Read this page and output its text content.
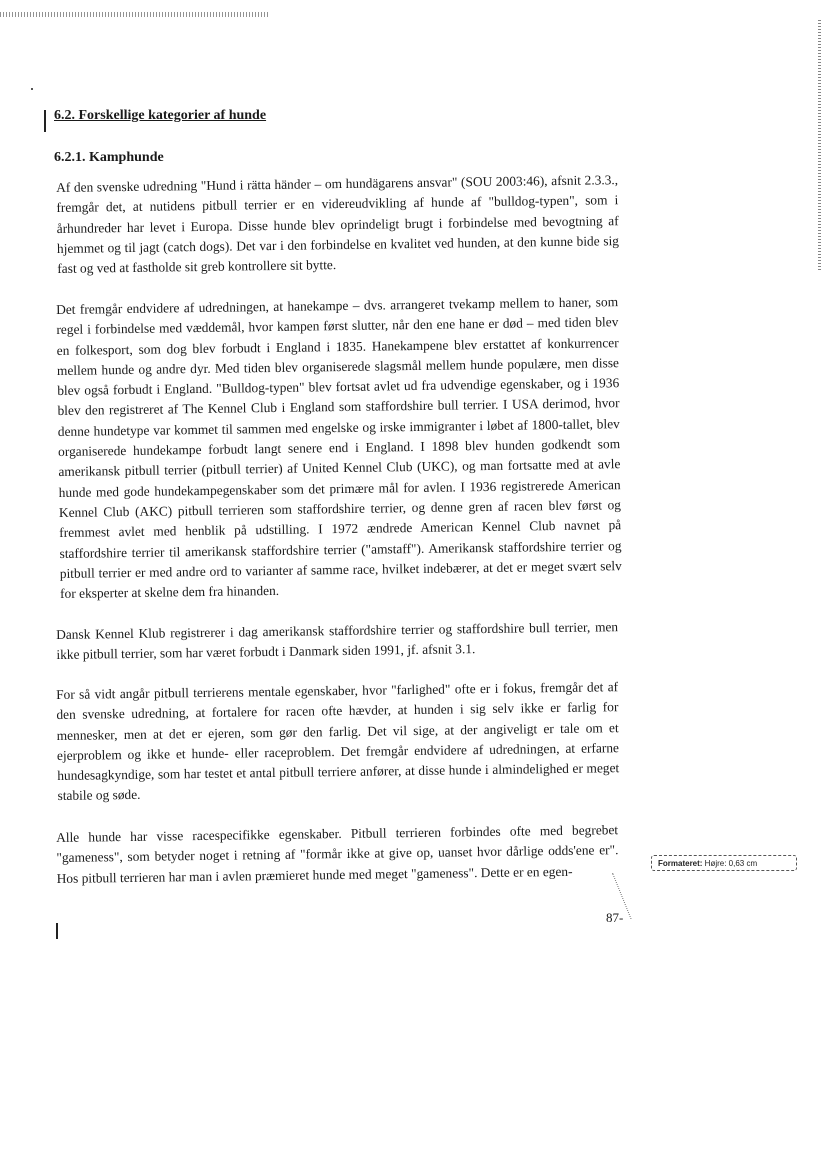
6.2. Forskellige kategorier af hunde
6.2.1. Kamphunde

Af den svenske udredning "Hund i rätta händer – om hundägarens ansvar" (SOU 2003:46), afsnit 2.3.3., fremgår det, at nutidens pitbull terrier er en videreudvikling af hunde af "bulldog-typen", som i århundreder har levet i Europa. Disse hunde blev oprindeligt brugt i forbindelse med bevogtning af hjemmet og til jagt (catch dogs). Det var i den forbindelse en kvalitet ved hunden, at den kunne bide sig fast og ved at fastholde sit greb kontrollere sit bytte.

Det fremgår endvidere af udredningen, at hanekampe – dvs. arrangeret tvekamp mellem to haner, som regel i forbindelse med væddemål, hvor kampen først slutter, når den ene hane er død – med tiden blev en folkesport, som dog blev forbudt i England i 1835. Hanekampene blev erstattet af konkurrencer mellem hunde og andre dyr. Med tiden blev organiserede slagsmål mellem hunde populære, men disse blev også forbudt i England. "Bulldog-typen" blev fortsat avlet ud fra udvendige egenskaber, og i 1936 blev den registreret af The Kennel Club i England som staffordshire bull terrier. I USA derimod, hvor denne hundetype var kommet til sammen med engelske og irske immigranter i løbet af 1800-tallet, blev organiserede hundekampe forbudt langt senere end i England. I 1898 blev hunden godkendt som amerikansk pitbull terrier (pitbull terrier) af United Kennel Club (UKC), og man fortsatte med at avle hunde med gode hundekampegenskaber som det primære mål for avlen. I 1936 registrerede American Kennel Club (AKC) pitbull terrieren som staffordshire terrier, og denne gren af racen blev først og fremmest avlet med henblik på udstilling. I 1972 ændrede American Kennel Club navnet på staffordshire terrier til amerikansk staffordshire terrier ("amstaff"). Amerikansk staffordshire terrier og pitbull terrier er med andre ord to varianter af samme race, hvilket indebærer, at det er meget svært selv for eksperter at skelne dem fra hinanden.

Dansk Kennel Klub registrerer i dag amerikansk staffordshire terrier og staffordshire bull terrier, men ikke pitbull terrier, som har været forbudt i Danmark siden 1991, jf. afsnit 3.1.

For så vidt angår pitbull terrierens mentale egenskaber, hvor "farlighed" ofte er i fokus, fremgår det af den svenske udredning, at fortalere for racen ofte hævder, at hunden i sig selv ikke er farlig for mennesker, men at det er ejeren, som gør den farlig. Det vil sige, at der angiveligt er tale om et ejerproblem og ikke et hunde- eller raceproblem. Det fremgår endvidere af udredningen, at erfarne hundesagkyndige, som har testet et antal pitbull terriere anfører, at disse hunde i almindelighed er meget stabile og søde.

Alle hunde har visse racespecifikke egenskaber. Pitbull terrieren forbindes ofte med begrebet "gameness", som betyder noget i retning af "formår ikke at give op, uanset hvor dårlige odds'ene er". Hos pitbull terrieren har man i avlen præmieret hunde med meget "gameness". Dette er en egen-	Formateret: Højre: 0,63 cm
87-
